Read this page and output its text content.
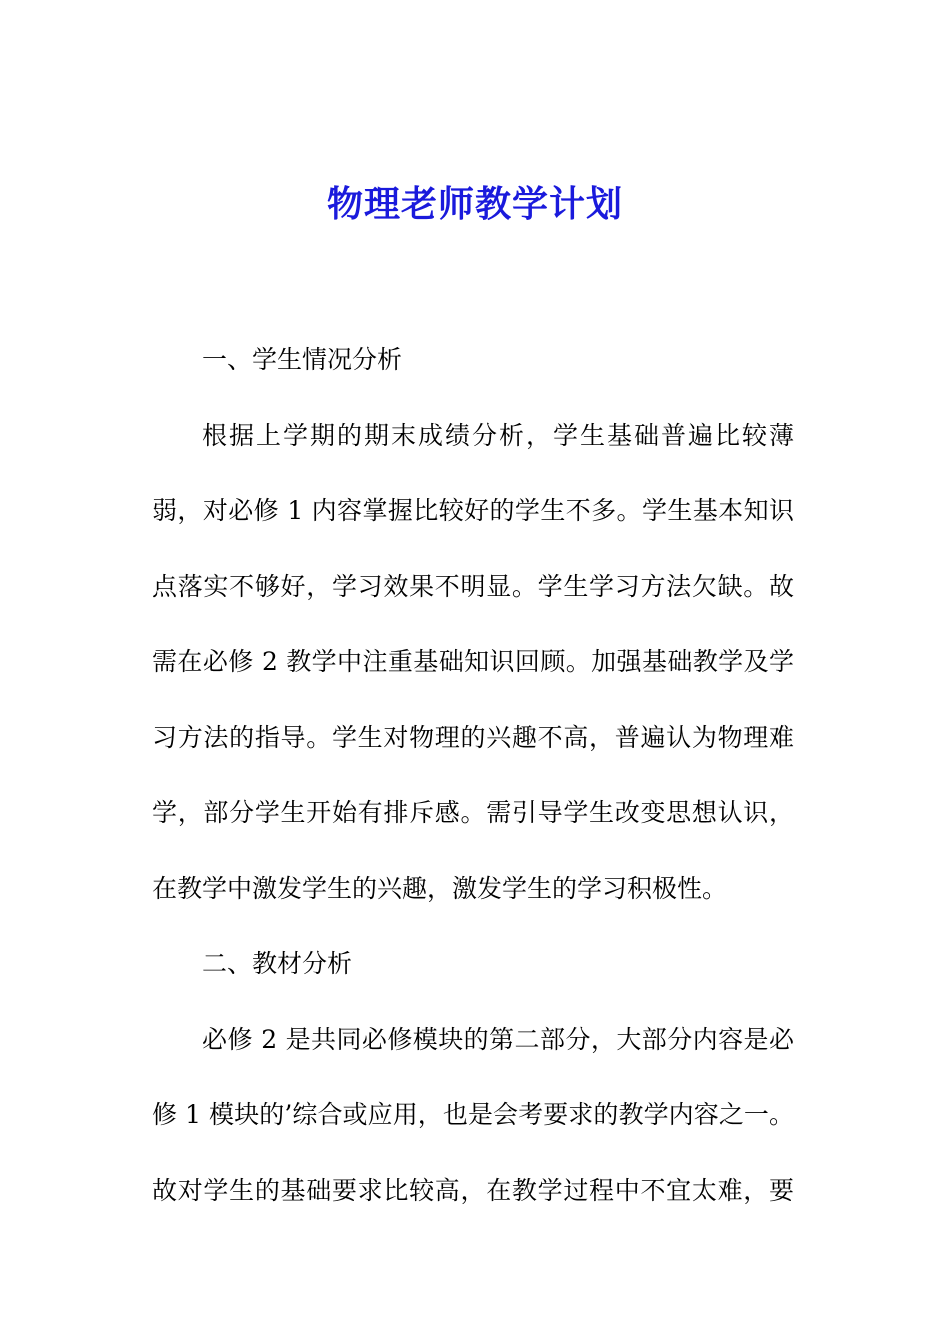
物理老师教学计划
一、学生情况分析
根据上学期的期末成绩分析，学生基础普遍比较薄
弱，对必修 1 内容掌握比较好的学生不多。学生基本知识
点落实不够好，学习效果不明显。学生学习方法欠缺。故
需在必修 2 教学中注重基础知识回顾。加强基础教学及学
习方法的指导。学生对物理的兴趣不高，普遍认为物理难
学，部分学生开始有排斥感。需引导学生改变思想认识，
在教学中激发学生的兴趣，激发学生的学习积极性。
二、教材分析
必修 2 是共同必修模块的第二部分，大部分内容是必
修 1 模块的’综合或应用，也是会考要求的教学内容之一。
故对学生的基础要求比较高，在教学过程中不宜太难，要
